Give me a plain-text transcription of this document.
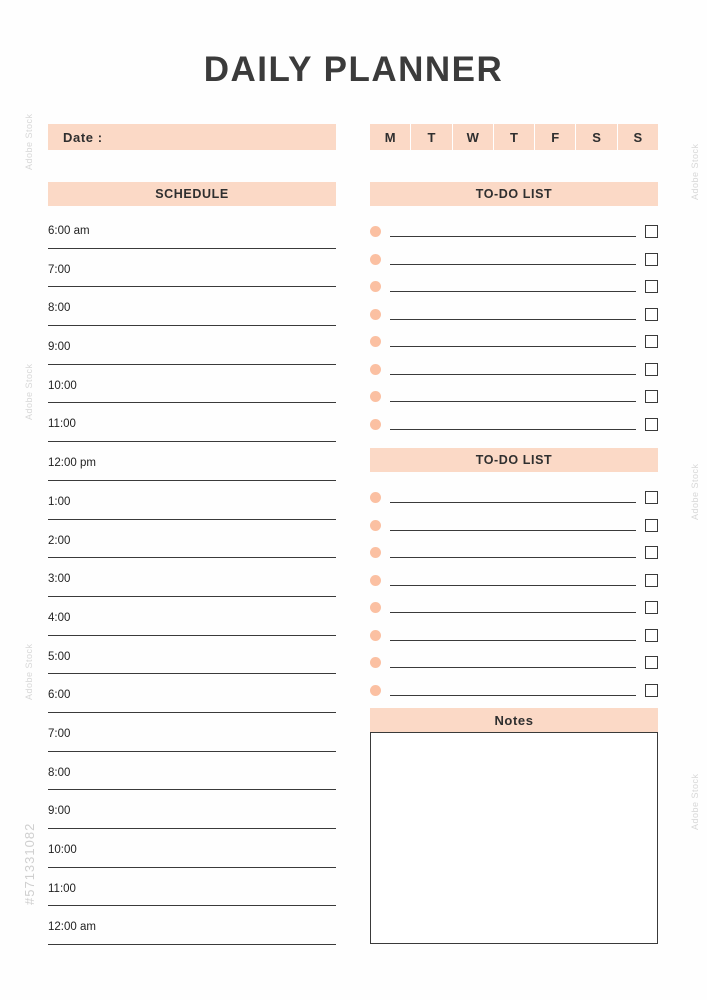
Adobe Stock
Adobe Stock
Adobe Stock
Adobe Stock
Adobe Stock
Adobe Stock
#571331082
DAILY PLANNER
Date :	M	T	W	T	F	S	S
SCHEDULE
6:00 am
7:00
8:00
9:00
10:00
11:00
12:00 pm
1:00
2:00
3:00
4:00
5:00
6:00
7:00
8:00
9:00
10:00
11:00
12:00 am
TO-DO LIST
TO-DO LIST
Notes
